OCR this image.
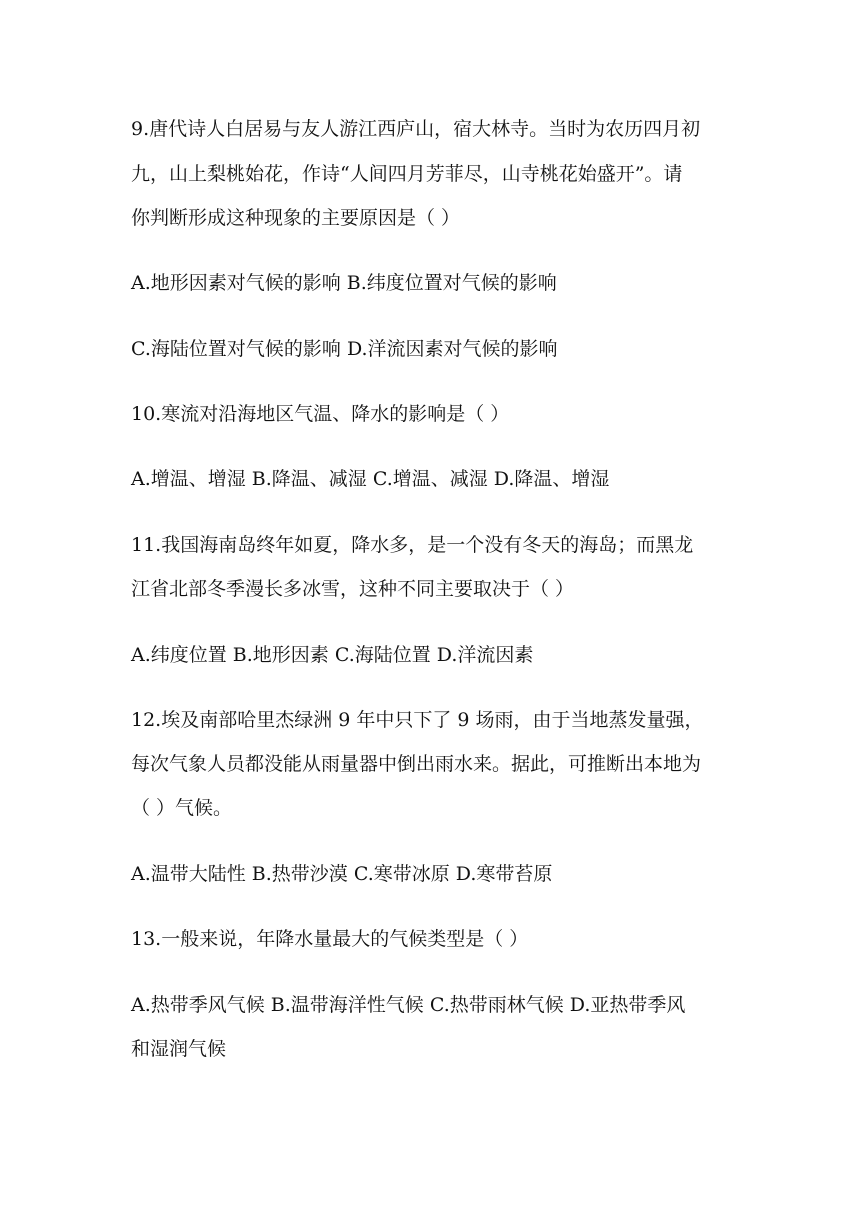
9.唐代诗人白居易与友人游江西庐山，宿大林寺。当时为农历四月初
九，山上梨桃始花，作诗“人间四月芳菲尽，山寺桃花始盛开”。请
你判断形成这种现象的主要原因是（ ）
A.地形因素对气候的影响 B.纬度位置对气候的影响
C.海陆位置对气候的影响 D.洋流因素对气候的影响
10.寒流对沿海地区气温、降水的影响是（ ）
A.增温、增湿 B.降温、减湿 C.增温、减湿 D.降温、增湿
11.我国海南岛终年如夏，降水多，是一个没有冬天的海岛；而黑龙
江省北部冬季漫长多冰雪，这种不同主要取决于（ ）
A.纬度位置 B.地形因素 C.海陆位置 D.洋流因素
12.埃及南部哈里杰绿洲 9 年中只下了 9 场雨，由于当地蒸发量强，
每次气象人员都没能从雨量器中倒出雨水来。据此，可推断出本地为
（ ）气候。
A.温带大陆性 B.热带沙漠 C.寒带冰原 D.寒带苔原
13.一般来说，年降水量最大的气候类型是（ ）
A.热带季风气候 B.温带海洋性气候 C.热带雨林气候 D.亚热带季风
和湿润气候
